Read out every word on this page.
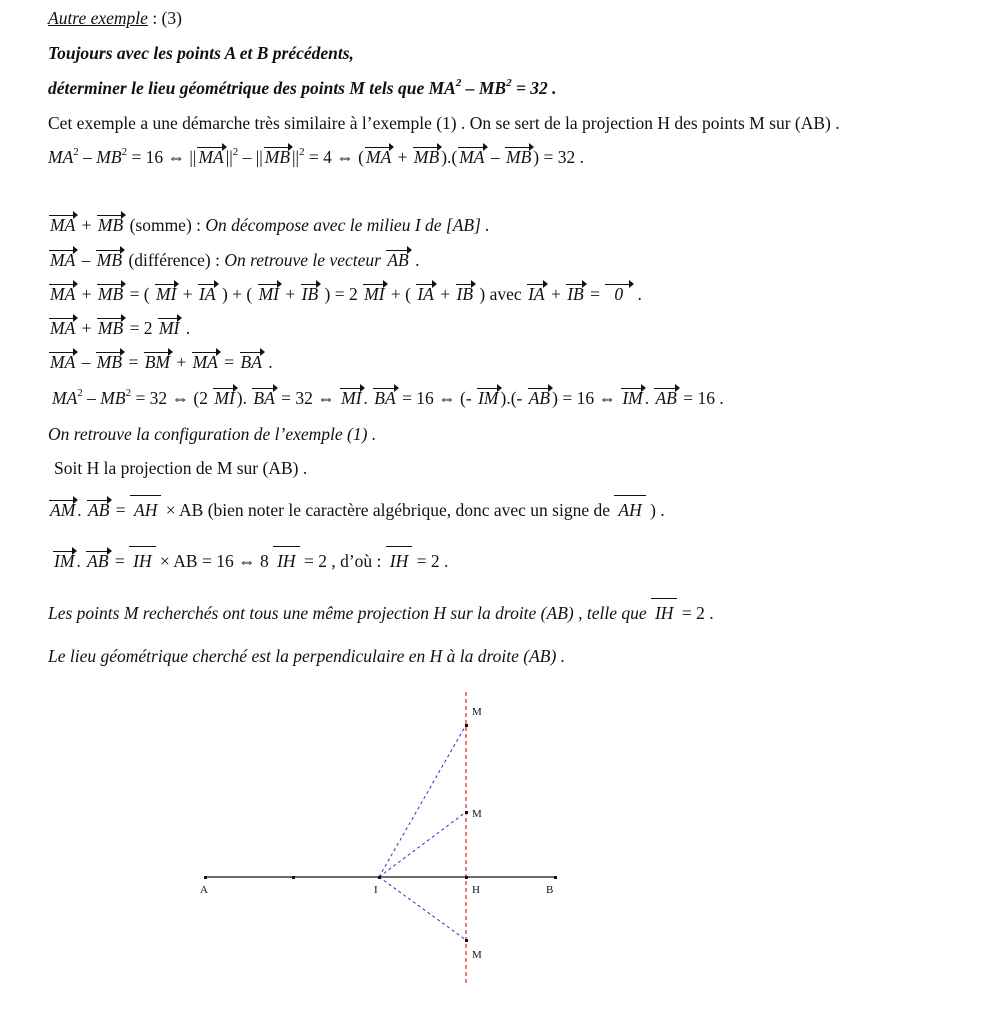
Autre exemple : (3)
Toujours avec les points A et B précédents,
déterminer le lieu géométrique des points M tels que $MA^2 - MB^2 = 32$ .
Cet exemple a une démarche très similaire à l’exemple (1) . On se sert de la projection H des points M sur (AB) .
$MA^2 - MB^2 = 16$ ⇔ || MA $||^2$ – || MB $||^2 = 4$ ⇔ ( MA + MB ).( MA – MB ) = 32 .
MA + MB (somme) : On décompose avec le milieu I de [AB] .
MA – MB (différence) : On retrouve le vecteur AB .
MA + MB = ( MI + IA ) + ( MI + IB ) = 2 MI + ( IA + IB ) avec IA + IB = 0 .
MA + MB = 2 MI .
MA – MB = BM + MA = BA .
$MA^2 - MB^2 = 32$ ⇔ (2 MI ). BA = 32 ⇔ MI . BA = 16 ⇔ (- IM ).(- AB ) = 16 ⇔ IM . AB = 16 .
On retrouve la configuration de l’exemple (1) .
Soit H la projection de M sur (AB) .
AM . AB = AH × AB (bien noter le caractère algébrique, donc avec un signe de AH ) .
IM . AB = IH × AB = 16 ⇔ 8 IH = 2 , d’où : IH = 2 .
Les points M recherchés ont tous une même projection H sur la droite (AB) , telle que IH = 2 .
Le lieu géométrique cherché est la perpendiculaire en H à la droite (AB) .
A	I	H	B
M
M
M
